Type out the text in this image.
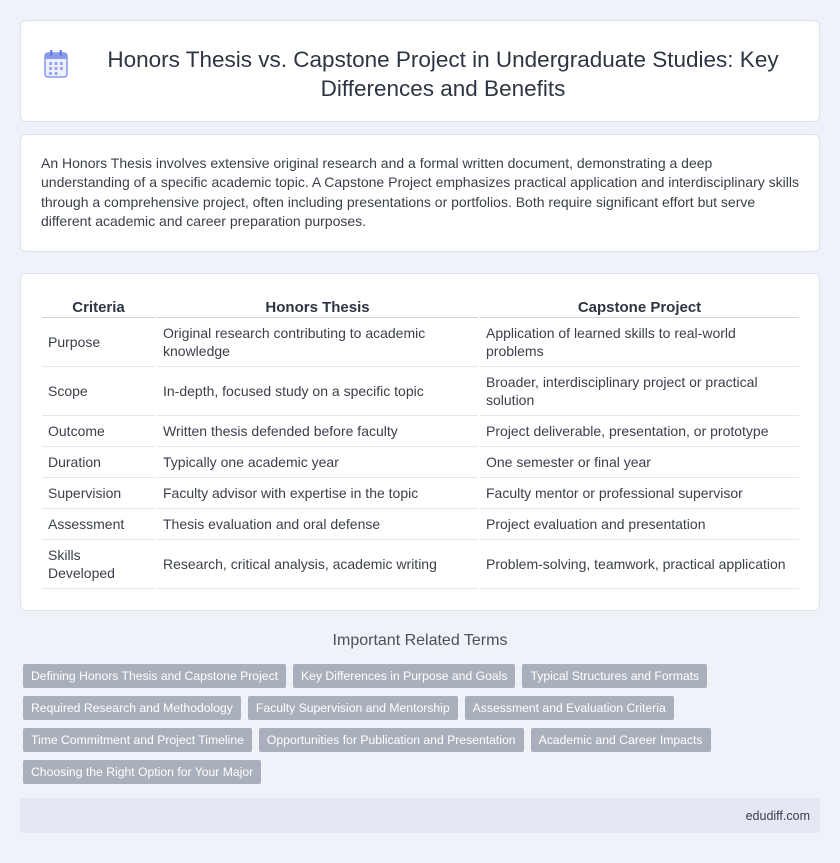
Honors Thesis vs. Capstone Project in Undergraduate Studies: Key Differences and Benefits

An Honors Thesis involves extensive original research and a formal written document, demonstrating a deep understanding of a specific academic topic. A Capstone Project emphasizes practical application and interdisciplinary skills through a comprehensive project, often including presentations or portfolios. Both require significant effort but serve different academic and career preparation purposes.

Criteria		Honors Thesis		Capstone Project
Purpose		Original research contributing to academic knowledge		Application of learned skills to real-world problems
Scope		In-depth, focused study on a specific topic		Broader, interdisciplinary project or practical solution
Outcome		Written thesis defended before faculty		Project deliverable, presentation, or prototype
Duration		Typically one academic year		One semester or final year
Supervision		Faculty advisor with expertise in the topic		Faculty mentor or professional supervisor
Assessment		Thesis evaluation and oral defense		Project evaluation and presentation
Skills Developed		Research, critical analysis, academic writing		Problem-solving, teamwork, practical application
Important Related Terms
Defining Honors Thesis and Capstone Project	Key Differences in Purpose and Goals	Typical Structures and Formats
Required Research and Methodology	Faculty Supervision and Mentorship	Assessment and Evaluation Criteria
Time Commitment and Project Timeline	Opportunities for Publication and Presentation	Academic and Career Impacts
Choosing the Right Option for Your Major
edudiff.com
